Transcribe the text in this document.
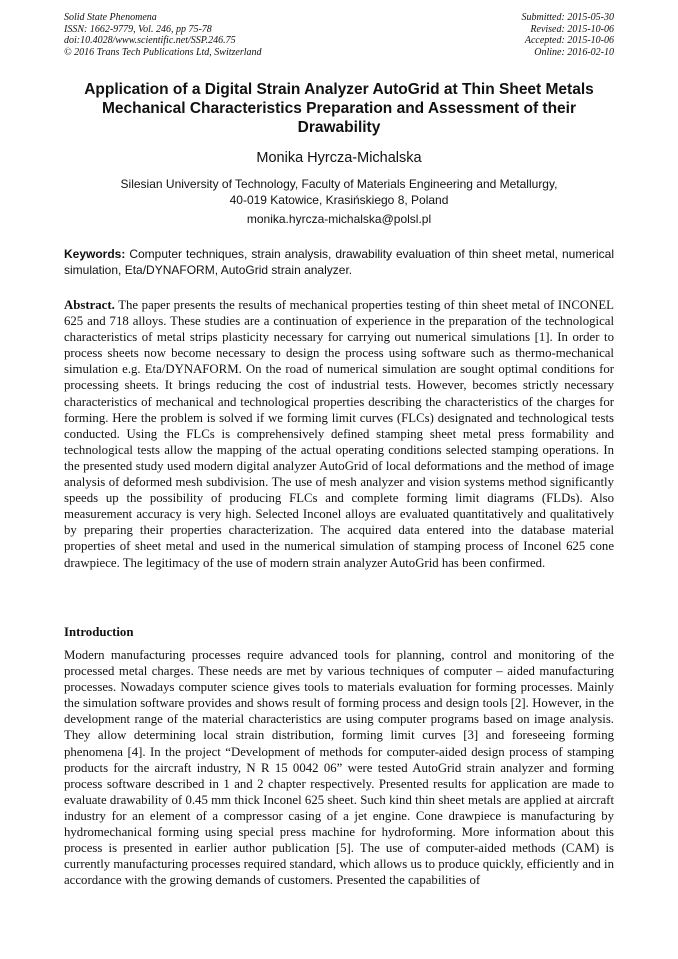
Solid State Phenomena
ISSN: 1662-9779, Vol. 246, pp 75-78
doi:10.4028/www.scientific.net/SSP.246.75
© 2016 Trans Tech Publications Ltd, Switzerland
Submitted: 2015-05-30
Revised: 2015-10-06
Accepted: 2015-10-06
Online: 2016-02-10
Application of a Digital Strain Analyzer AutoGrid at Thin Sheet Metals Mechanical Characteristics Preparation and Assessment of their Drawability
Monika Hyrcza-Michalska
Silesian University of Technology, Faculty of Materials Engineering and Metallurgy,
40-019 Katowice, Krasińskiego 8, Poland
monika.hyrcza-michalska@polsl.pl
Keywords: Computer techniques, strain analysis, drawability evaluation of thin sheet metal, numerical simulation, Eta/DYNAFORM, AutoGrid strain analyzer.
Abstract. The paper presents the results of mechanical properties testing of thin sheet metal of INCONEL 625 and 718 alloys. These studies are a continuation of experience in the preparation of the technological characteristics of metal strips plasticity necessary for carrying out numerical simulations [1]. In order to process sheets now become necessary to design the process using software such as thermo-mechanical simulation e.g. Eta/DYNAFORM. On the road of numerical simulation are sought optimal conditions for processing sheets. It brings reducing the cost of industrial tests. However, becomes strictly necessary characteristics of mechanical and technological properties describing the characteristics of the charges for forming. Here the problem is solved if we forming limit curves (FLCs) designated and technological tests conducted. Using the FLCs is comprehensively defined stamping sheet metal press formability and technological tests allow the mapping of the actual operating conditions selected stamping operations. In the presented study used modern digital analyzer AutoGrid of local deformations and the method of image analysis of deformed mesh subdivision. The use of mesh analyzer and vision systems method significantly speeds up the possibility of producing FLCs and complete forming limit diagrams (FLDs). Also measurement accuracy is very high. Selected Inconel alloys are evaluated quantitatively and qualitatively by preparing their properties characterization. The acquired data entered into the database material properties of sheet metal and used in the numerical simulation of stamping process of Inconel 625 cone drawpiece. The legitimacy of the use of modern strain analyzer AutoGrid has been confirmed.
Introduction
Modern manufacturing processes require advanced tools for planning, control and monitoring of the processed metal charges. These needs are met by various techniques of computer – aided manufacturing processes. Nowadays computer science gives tools to materials evaluation for forming processes. Mainly the simulation software provides and shows result of forming process and design tools [2]. However, in the development range of the material characteristics are using computer programs based on image analysis. They allow determining local strain distribution, forming limit curves [3] and foreseeing forming phenomena [4]. In the project “Development of methods for computer-aided design process of stamping products for the aircraft industry, N R 15 0042 06” were tested AutoGrid strain analyzer and forming process software described in 1 and 2 chapter respectively. Presented results for application are made to evaluate drawability of 0.45 mm thick Inconel 625 sheet. Such kind thin sheet metals are applied at aircraft industry for an element of a compressor casing of a jet engine. Cone drawpiece is manufacturing by hydromechanical forming using special press machine for hydroforming. More information about this process is presented in earlier author publication [5]. The use of computer-aided methods (CAM) is currently manufacturing processes required standard, which allows us to produce quickly, efficiently and in accordance with the growing demands of customers. Presented the capabilities of
